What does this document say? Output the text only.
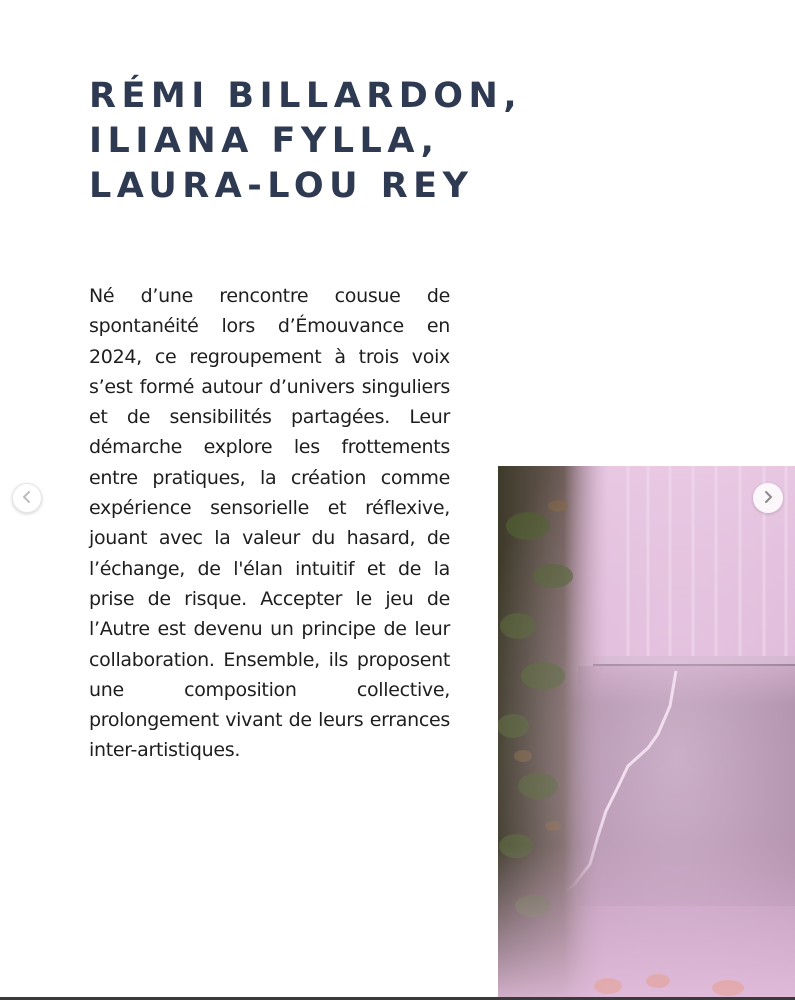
RÉMI BILLARDON,
ILIANA FYLLA,
LAURA-LOU REY

Né d’une rencontre cousue de spontanéité lors d’Émouvance en 2024, ce regroupement à trois voix s’est formé autour d’univers singuliers et de sensibilités partagées. Leur démarche explore les frottements entre pratiques, la création comme expérience sensorielle et réflexive, jouant avec la valeur du hasard, de l’échange, de l'élan intuitif et de la prise de risque. Accepter le jeu de l’Autre est devenu un principe de leur collaboration. Ensemble, ils proposent une composition collective, prolongement vivant de leurs errances inter-artistiques.
